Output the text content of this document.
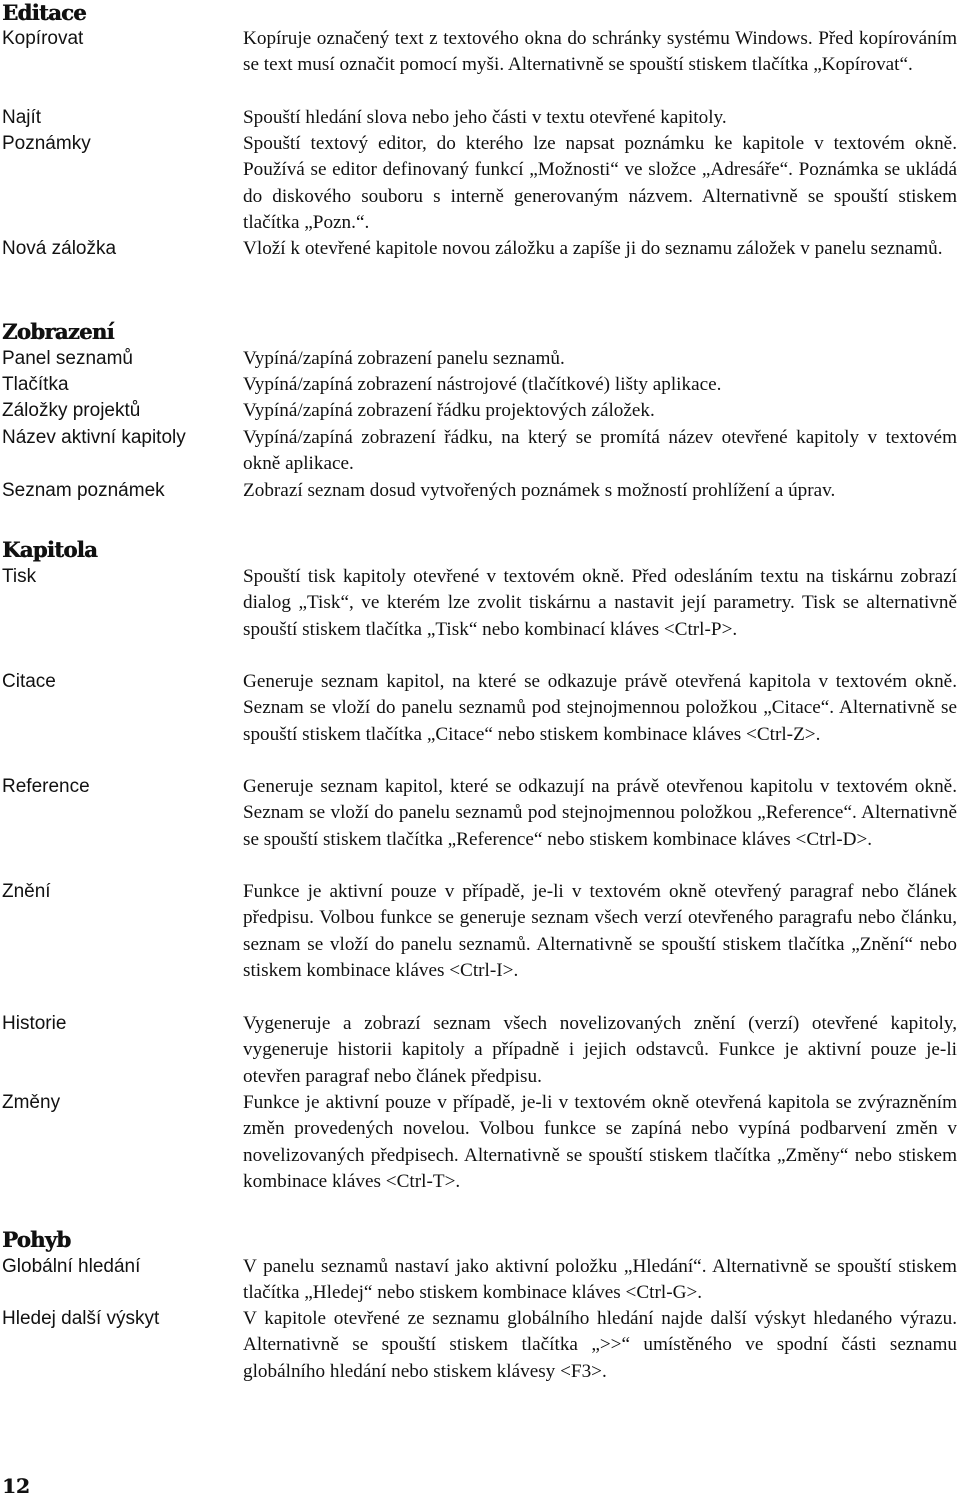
Editace
Kopírovat	Kopíruje označený text z textového okna do schránky systému Windows. Před kopírováním se text musí označit pomocí myši. Alternativně se spouští stiskem tlačítka „Kopírovat“.
Najít	Spouští hledání slova nebo jeho části v textu otevřené kapitoly.
Poznámky	Spouští textový editor, do kterého lze napsat poznámku ke kapitole v textovém okně. Používá se editor definovaný funkcí „Možnosti“ ve složce „Adresáře“. Poznámka se ukládá do diskového souboru s interně generovaným názvem. Alternativně se spouští stiskem tlačítka „Pozn.“.
Nová záložka	Vloží k otevřené kapitole novou záložku a zapíše ji do seznamu záložek v panelu seznamů.
Zobrazení
Panel seznamů	Vypíná/zapíná zobrazení panelu seznamů.
Tlačítka	Vypíná/zapíná zobrazení nástrojové (tlačítkové) lišty aplikace.
Záložky projektů	Vypíná/zapíná zobrazení řádku projektových záložek.
Název aktivní kapitoly	Vypíná/zapíná zobrazení řádku, na který se promítá název otevřené kapitoly v textovém okně aplikace.
Seznam poznámek	Zobrazí seznam dosud vytvořených poznámek s možností prohlížení a úprav.
Kapitola
Tisk	Spouští tisk kapitoly otevřené v textovém okně. Před odesláním textu na tiskárnu zobrazí dialog „Tisk“, ve kterém lze zvolit tiskárnu a nastavit její parametry. Tisk se alternativně spouští stiskem tlačítka „Tisk“ nebo kombinací kláves <Ctrl-P>.
Citace	Generuje seznam kapitol, na které se odkazuje právě otevřená kapitola v textovém okně. Seznam se vloží do panelu seznamů pod stejnojmennou položkou „Citace“. Alternativně se spouští stiskem tlačítka „Citace“ nebo stiskem kombinace kláves <Ctrl-Z>.
Reference	Generuje seznam kapitol, které se odkazují na právě otevřenou kapitolu v textovém okně. Seznam se vloží do panelu seznamů pod stejnojmennou položkou „Reference“. Alternativně se spouští stiskem tlačítka „Reference“ nebo stiskem kombinace kláves <Ctrl-D>.
Znění	Funkce je aktivní pouze v případě, je-li v textovém okně otevřený paragraf nebo článek předpisu. Volbou funkce se generuje seznam všech verzí otevřeného paragrafu nebo článku, seznam se vloží do panelu seznamů. Alternativně se spouští stiskem tlačítka „Znění“ nebo stiskem kombinace kláves <Ctrl-I>.
Historie	Vygeneruje a zobrazí seznam všech novelizovaných znění (verzí) otevřené kapitoly, vygeneruje historii kapitoly a případně i jejich odstavců. Funkce je aktivní pouze je-li otevřen paragraf nebo článek předpisu.
Změny	Funkce je aktivní pouze v případě, je-li v textovém okně otevřená kapitola se zvýrazněním změn provedených novelou. Volbou funkce se zapíná nebo vypíná podbarvení změn v novelizovaných předpisech. Alternativně se spouští stiskem tlačítka „Změny“ nebo stiskem kombinace kláves <Ctrl-T>.
Pohyb
Globální hledání	V panelu seznamů nastaví jako aktivní položku „Hledání“. Alternativně se spouští stiskem tlačítka „Hledej“ nebo stiskem kombinace kláves <Ctrl-G>.
Hledej další výskyt	V kapitole otevřené ze seznamu globálního hledání najde další výskyt hledaného výrazu. Alternativně se spouští stiskem tlačítka „>>“ umístěného ve spodní části seznamu globálního hledání nebo stiskem klávesy <F3>.
12
